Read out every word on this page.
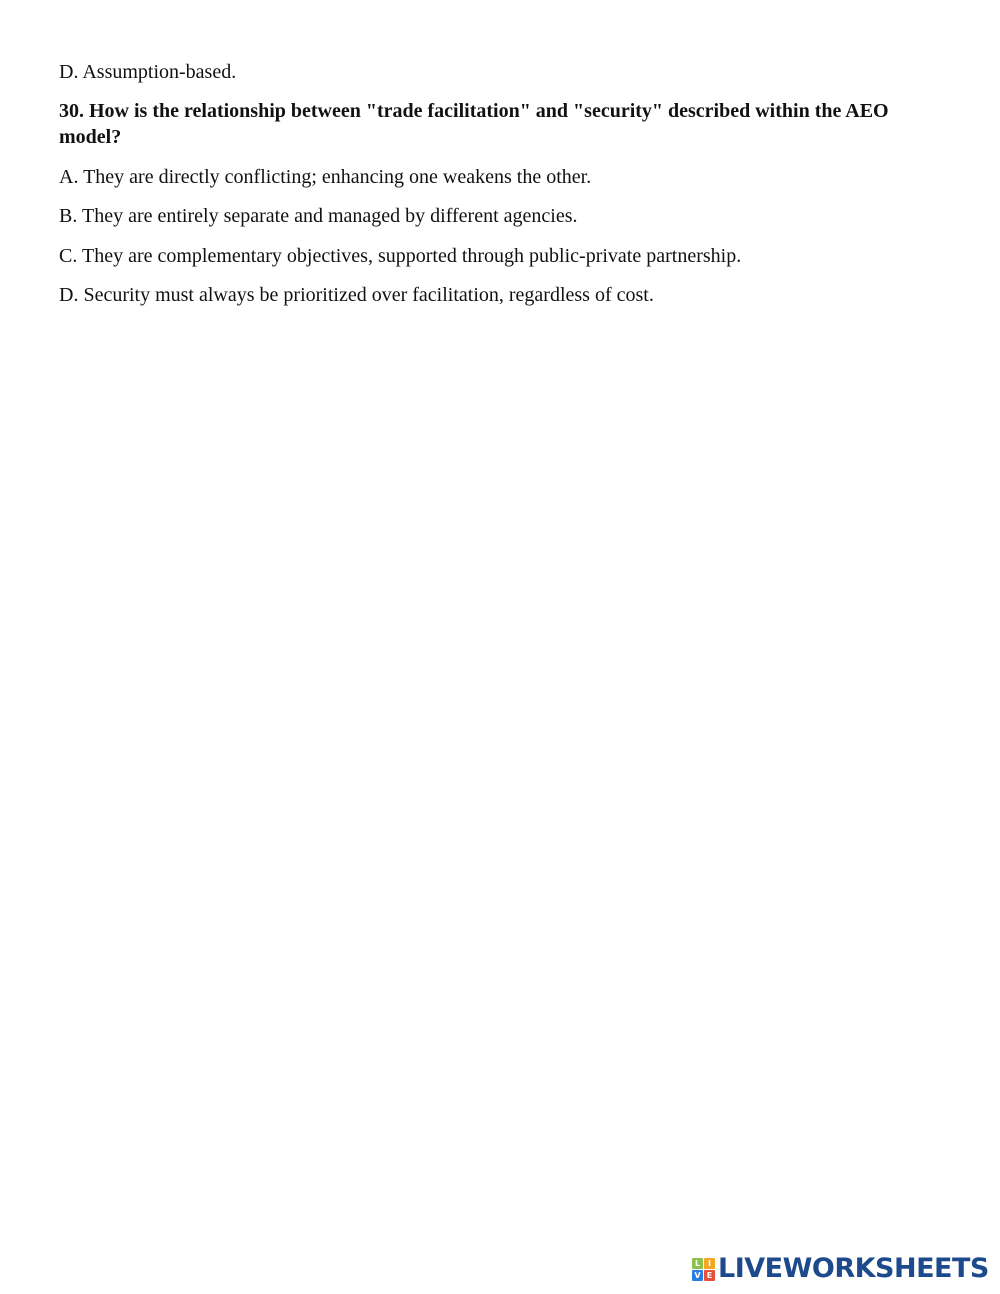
D. Assumption-based.
30. How is the relationship between "trade facilitation" and "security" described within the AEO model?
A. They are directly conflicting; enhancing one weakens the other.
B. They are entirely separate and managed by different agencies.
C. They are complementary objectives, supported through public-private partnership.
D. Security must always be prioritized over facilitation, regardless of cost.
L I
V E LIVEWORKSHEETS
